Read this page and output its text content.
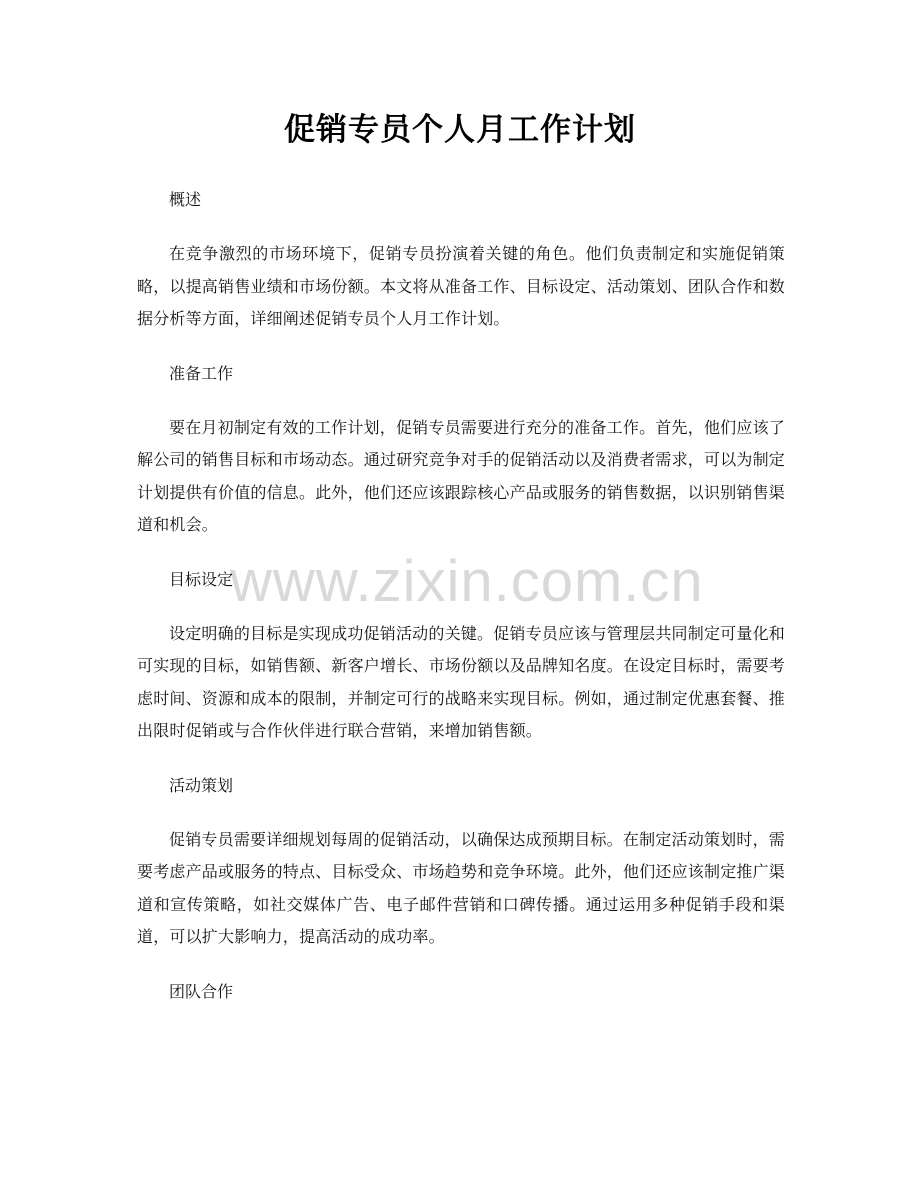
促销专员个人月工作计划
www.zixin.com.cn

概述

在竞争激烈的市场环境下，促销专员扮演着关键的角色。他们负责制定和实施促销策略，以提高销售业绩和市场份额。本文将从准备工作、目标设定、活动策划、团队合作和数据分析等方面，详细阐述促销专员个人月工作计划。

准备工作

要在月初制定有效的工作计划，促销专员需要进行充分的准备工作。首先，他们应该了解公司的销售目标和市场动态。通过研究竞争对手的促销活动以及消费者需求，可以为制定计划提供有价值的信息。此外，他们还应该跟踪核心产品或服务的销售数据，以识别销售渠道和机会。

目标设定

设定明确的目标是实现成功促销活动的关键。促销专员应该与管理层共同制定可量化和可实现的目标，如销售额、新客户增长、市场份额以及品牌知名度。在设定目标时，需要考虑时间、资源和成本的限制，并制定可行的战略来实现目标。例如，通过制定优惠套餐、推出限时促销或与合作伙伴进行联合营销，来增加销售额。

活动策划

促销专员需要详细规划每周的促销活动，以确保达成预期目标。在制定活动策划时，需要考虑产品或服务的特点、目标受众、市场趋势和竞争环境。此外，他们还应该制定推广渠道和宣传策略，如社交媒体广告、电子邮件营销和口碑传播。通过运用多种促销手段和渠道，可以扩大影响力，提高活动的成功率。

团队合作
